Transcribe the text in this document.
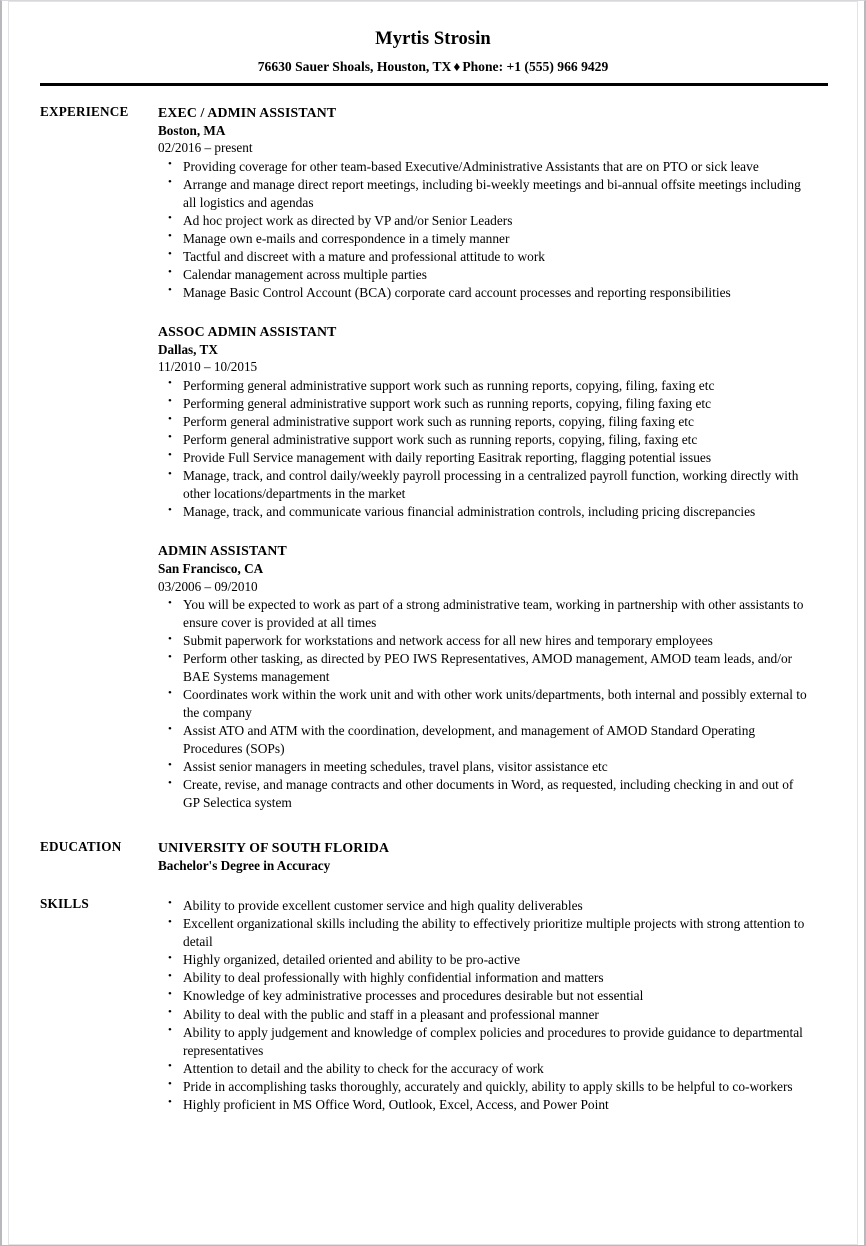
Myrtis Strosin
76630 Sauer Shoals, Houston, TX ♦ Phone: +1 (555) 966 9429
EXPERIENCE	EXEC / ADMIN ASSISTANT
Boston, MA
02/2016 – present
• Providing coverage for other team-based Executive/Administrative Assistants that are on PTO or sick leave
• Arrange and manage direct report meetings, including bi-weekly meetings and bi-annual offsite meetings including all logistics and agendas
• Ad hoc project work as directed by VP and/or Senior Leaders
• Manage own e-mails and correspondence in a timely manner
• Tactful and discreet with a mature and professional attitude to work
• Calendar management across multiple parties
• Manage Basic Control Account (BCA) corporate card account processes and reporting responsibilities
ASSOC ADMIN ASSISTANT
Dallas, TX
11/2010 – 10/2015
• Performing general administrative support work such as running reports, copying, filing, faxing etc
• Performing general administrative support work such as running reports, copying, filing faxing etc
• Perform general administrative support work such as running reports, copying, filing faxing etc
• Perform general administrative support work such as running reports, copying, filing, faxing etc
• Provide Full Service management with daily reporting Easitrak reporting, flagging potential issues
• Manage, track, and control daily/weekly payroll processing in a centralized payroll function, working directly with other locations/departments in the market
• Manage, track, and communicate various financial administration controls, including pricing discrepancies
ADMIN ASSISTANT
San Francisco, CA
03/2006 – 09/2010
• You will be expected to work as part of a strong administrative team, working in partnership with other assistants to ensure cover is provided at all times
• Submit paperwork for workstations and network access for all new hires and temporary employees
• Perform other tasking, as directed by PEO IWS Representatives, AMOD management, AMOD team leads, and/or BAE Systems management
• Coordinates work within the work unit and with other work units/departments, both internal and possibly external to the company
• Assist ATO and ATM with the coordination, development, and management of AMOD Standard Operating Procedures (SOPs)
• Assist senior managers in meeting schedules, travel plans, visitor assistance etc
• Create, revise, and manage contracts and other documents in Word, as requested, including checking in and out of GP Selectica system
EDUCATION	UNIVERSITY OF SOUTH FLORIDA
Bachelor's Degree in Accuracy
SKILLS	• Ability to provide excellent customer service and high quality deliverables
• Excellent organizational skills including the ability to effectively prioritize multiple projects with strong attention to detail
• Highly organized, detailed oriented and ability to be pro-active
• Ability to deal professionally with highly confidential information and matters
• Knowledge of key administrative processes and procedures desirable but not essential
• Ability to deal with the public and staff in a pleasant and professional manner
• Ability to apply judgement and knowledge of complex policies and procedures to provide guidance to departmental representatives
• Attention to detail and the ability to check for the accuracy of work
• Pride in accomplishing tasks thoroughly, accurately and quickly, ability to apply skills to be helpful to co-workers
• Highly proficient in MS Office Word, Outlook, Excel, Access, and Power Point
